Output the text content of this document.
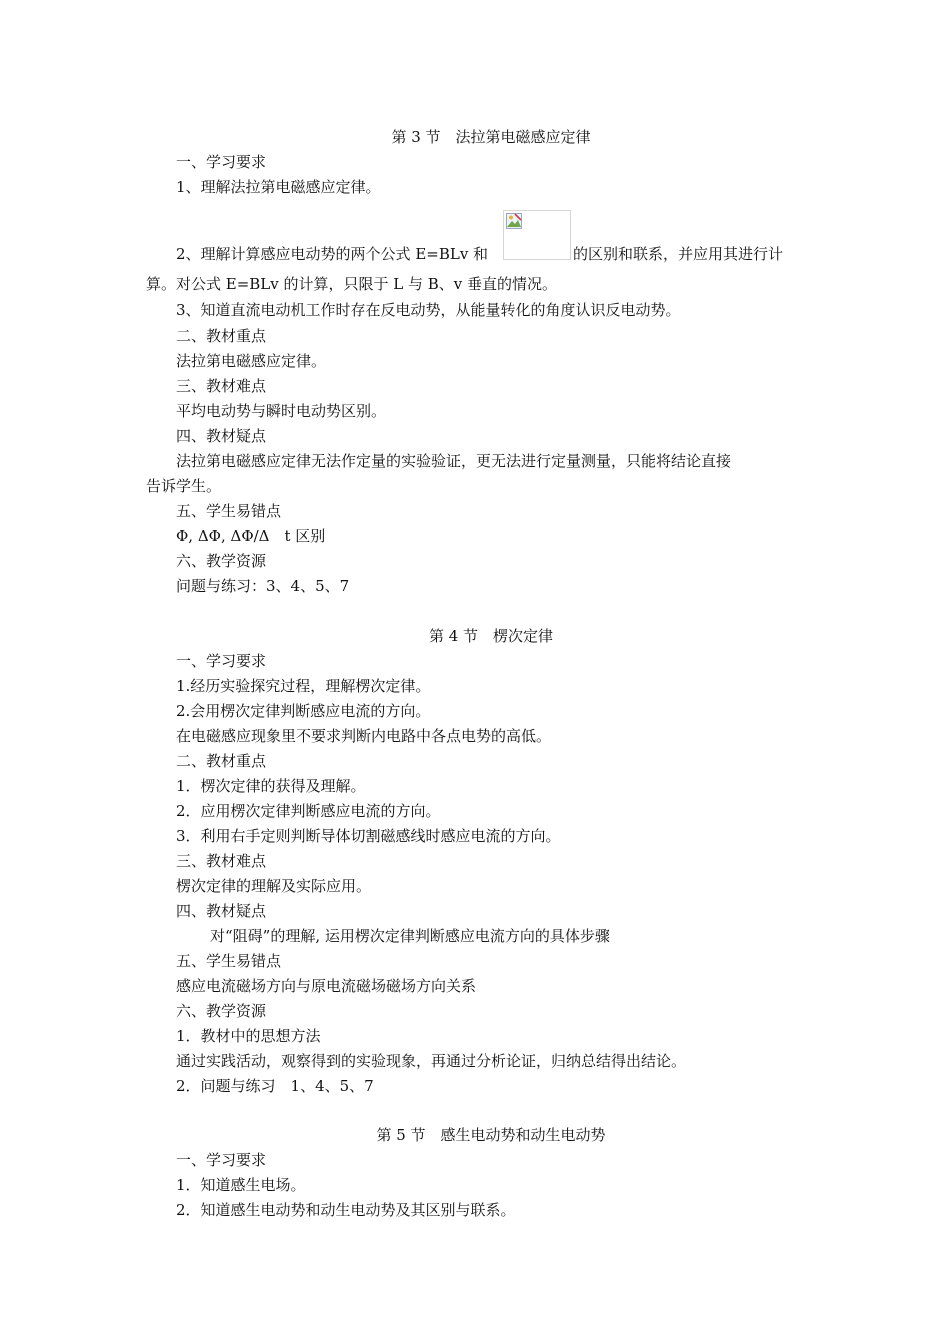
第 3 节　法拉第电磁感应定律
一、学习要求
1、理解法拉第电磁感应定律。
2、理解计算感应电动势的两个公式 E=BLv 和	的区别和联系，并应用其进行计
算。对公式 E=BLv 的计算，只限于 L 与 B、v 垂直的情况。
3、知道直流电动机工作时存在反电动势，从能量转化的角度认识反电动势。
二、教材重点
法拉第电磁感应定律。
三、教材难点
平均电动势与瞬时电动势区别。
四、教材疑点
法拉第电磁感应定律无法作定量的实验验证，更无法进行定量测量，只能将结论直接
告诉学生。
五、学生易错点
Φ, ΔΦ, ΔΦ/Δ　t 区别
六、教学资源
问题与练习：3、4、5、7
第 4 节　楞次定律
一、学习要求
1.经历实验探究过程，理解楞次定律。
2.会用楞次定律判断感应电流的方向。
在电磁感应现象里不要求判断内电路中各点电势的高低。
二、教材重点
1．楞次定律的获得及理解。
2．应用楞次定律判断感应电流的方向。
3．利用右手定则判断导体切割磁感线时感应电流的方向。
三、教材难点
楞次定律的理解及实际应用。
四、教材疑点
对“阻碍”的理解, 运用楞次定律判断感应电流方向的具体步骤
五、学生易错点
感应电流磁场方向与原电流磁场磁场方向关系
六、教学资源
1．教材中的思想方法
通过实践活动，观察得到的实验现象，再通过分析论证，归纳总结得出结论。
2．问题与练习　1、4、5、7
第 5 节　感生电动势和动生电动势
一、学习要求
1．知道感生电场。
2．知道感生电动势和动生电动势及其区别与联系。
